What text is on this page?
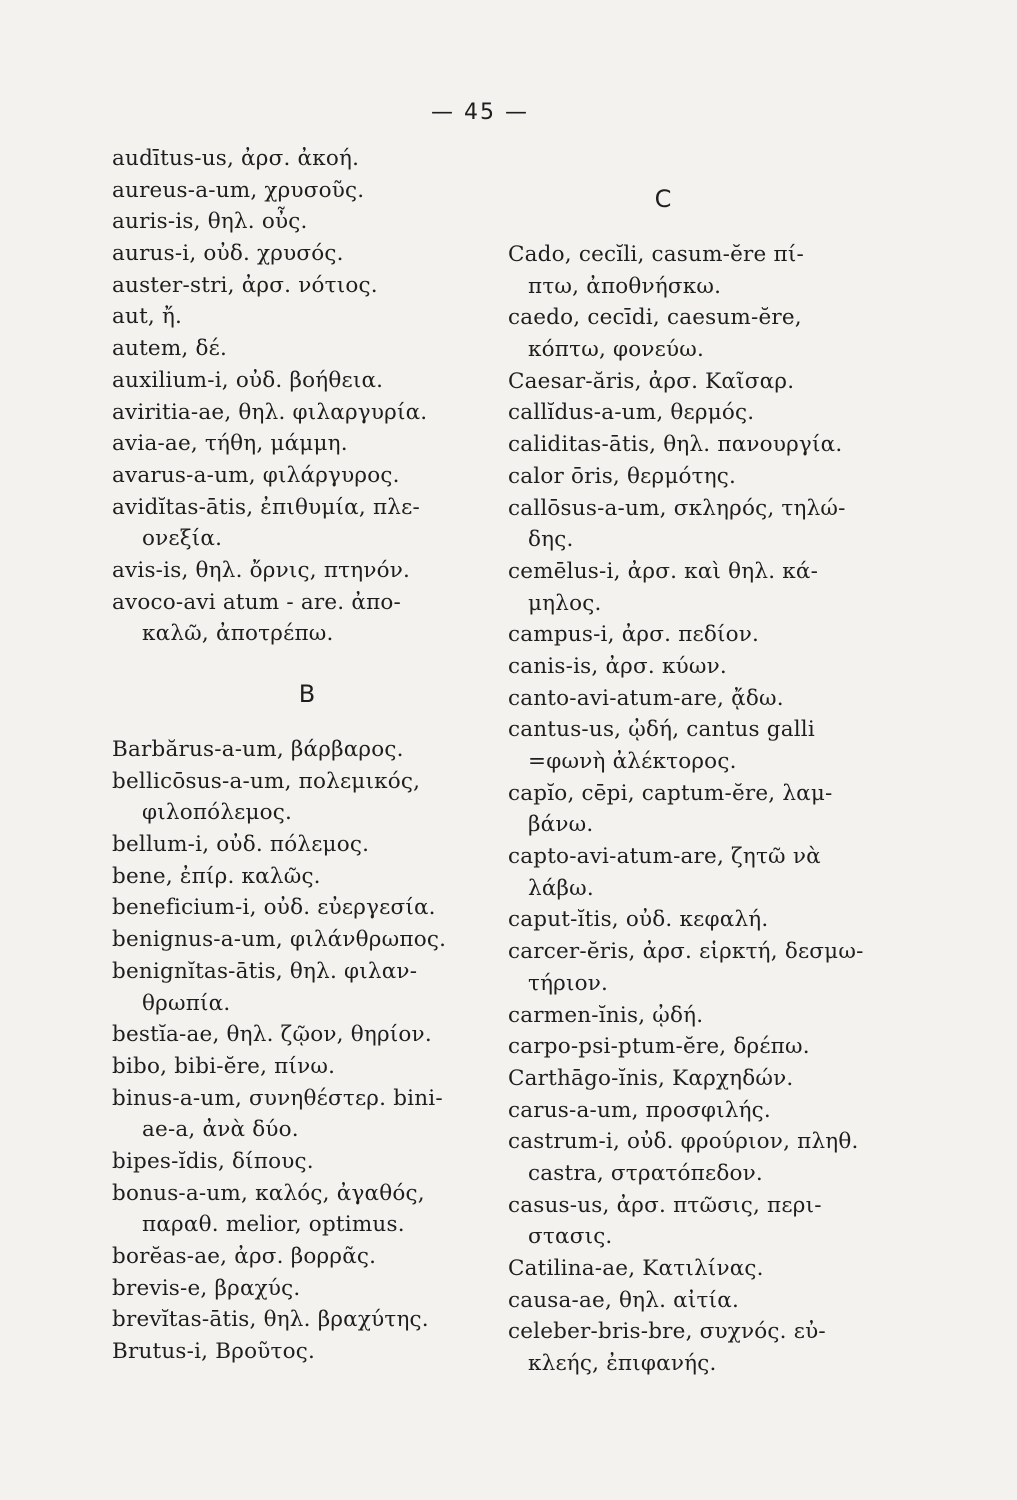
— 45 —
audītus-us, ἀρσ. ἀκοή.
aureus-a-um, χρυσοῦς.
auris-is, θηλ. οὖς.
aurus-i, οὐδ. χρυσός.
auster-stri, ἀρσ. νότιος.
aut, ἤ.
autem, δέ.
auxilium-i, οὐδ. βοήθεια.
aviritia-ae, θηλ. φιλαργυρία.
avia-ae, τήθη, μάμμη.
avarus-a-um, φιλάργυρος.
avidĭtas-ātis, ἐπιθυμία, πλε-
ονεξία.
avis-is, θηλ. ὄρνις, πτηνόν.
avoco-avi atum - are. ἀπο-
καλῶ, ἀποτρέπω.
B
Barbărus-a-um, βάρβαρος.
bellicōsus-a-um, πολεμικός,
φιλοπόλεμος.
bellum-i, οὐδ. πόλεμος.
bene, ἐπίρ. καλῶς.
beneficium-i, οὐδ. εὐεργεσία.
benignus-a-um, φιλάνθρωπος.
benignĭtas-ātis, θηλ. φιλαν-
θρωπία.
bestĭa-ae, θηλ. ζῷον, θηρίον.
bibo, bibi-ĕre, πίνω.
binus-a-um, συνηθέστερ. bini-
ae-a, ἀνὰ δύο.
bipes-ĭdis, δίπους.
bonus-a-um, καλός, ἀγαθός,
παραθ. melior, optimus.
borĕas-ae, ἀρσ. βορρᾶς.
brevis-e, βραχύς.
brevĭtas-ātis, θηλ. βραχύτης.
Brutus-i, Βροῦτος.
C
Cado, cecĭli, casum-ĕre πί-
πτω, ἀποθνήσκω.
caedo, cecīdi, caesum-ĕre,
κόπτω, φονεύω.
Caesar-ăris, ἀρσ. Καῖσαρ.
callĭdus-a-um, θερμός.
caliditas-ātis, θηλ. πανουργία.
calor ōris, θερμότης.
callōsus-a-um, σκληρός, τηλώ-
δης.
cemēlus-i, ἀρσ. καὶ θηλ. κά-
μηλος.
campus-i, ἀρσ. πεδίον.
canis-is, ἀρσ. κύων.
canto-avi-atum-are, ᾄδω.
cantus-us, ᾠδή, cantus galli
=φωνὴ ἀλέκτορος.
capĭo, cēpi, captum-ĕre, λαμ-
βάνω.
capto-avi-atum-are, ζητῶ νὰ
λάβω.
caput-ĭtis, οὐδ. κεφαλή.
carcer-ĕris, ἀρσ. εἱρκτή, δεσμω-
τήριον.
carmen-ĭnis, ᾠδή.
carpo-psi-ptum-ĕre, δρέπω.
Carthāgo-ĭnis, Καρχηδών.
carus-a-um, προσφιλής.
castrum-i, οὐδ. φρούριον, πληθ.
castra, στρατόπεδον.
casus-us, ἀρσ. πτῶσις, περι-
στασις.
Catilina-ae, Κατιλίνας.
causa-ae, θηλ. αἰτία.
celeber-bris-bre, συχνός. εὐ-
κλεής, ἐπιφανής.
